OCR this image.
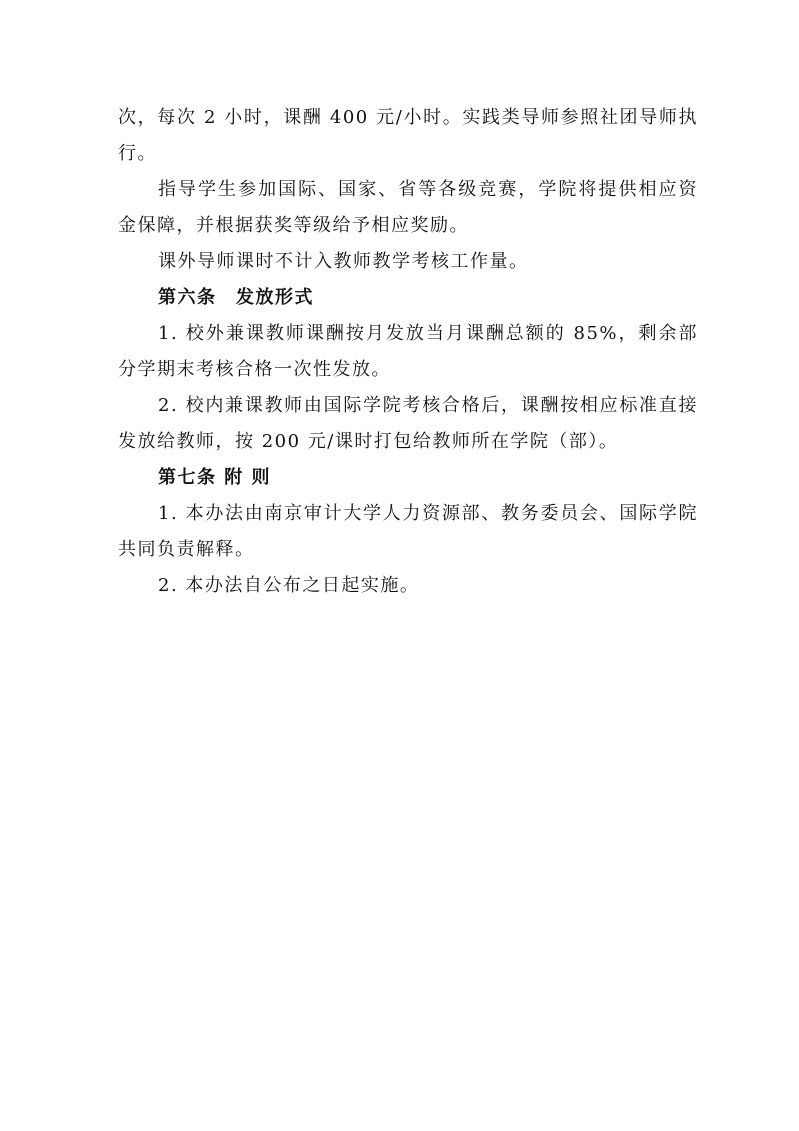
次，每次 2 小时，课酬 400 元/小时。实践类导师参照社团导师执行。

指导学生参加国际、国家、省等各级竞赛，学院将提供相应资金保障，并根据获奖等级给予相应奖励。

课外导师课时不计入教师教学考核工作量。

第六条　发放形式

1. 校外兼课教师课酬按月发放当月课酬总额的 85%，剩余部分学期末考核合格一次性发放。

2. 校内兼课教师由国际学院考核合格后，课酬按相应标准直接发放给教师，按 200 元/课时打包给教师所在学院（部）。

第七条 附 则

1. 本办法由南京审计大学人力资源部、教务委员会、国际学院共同负责解释。

2. 本办法自公布之日起实施。
